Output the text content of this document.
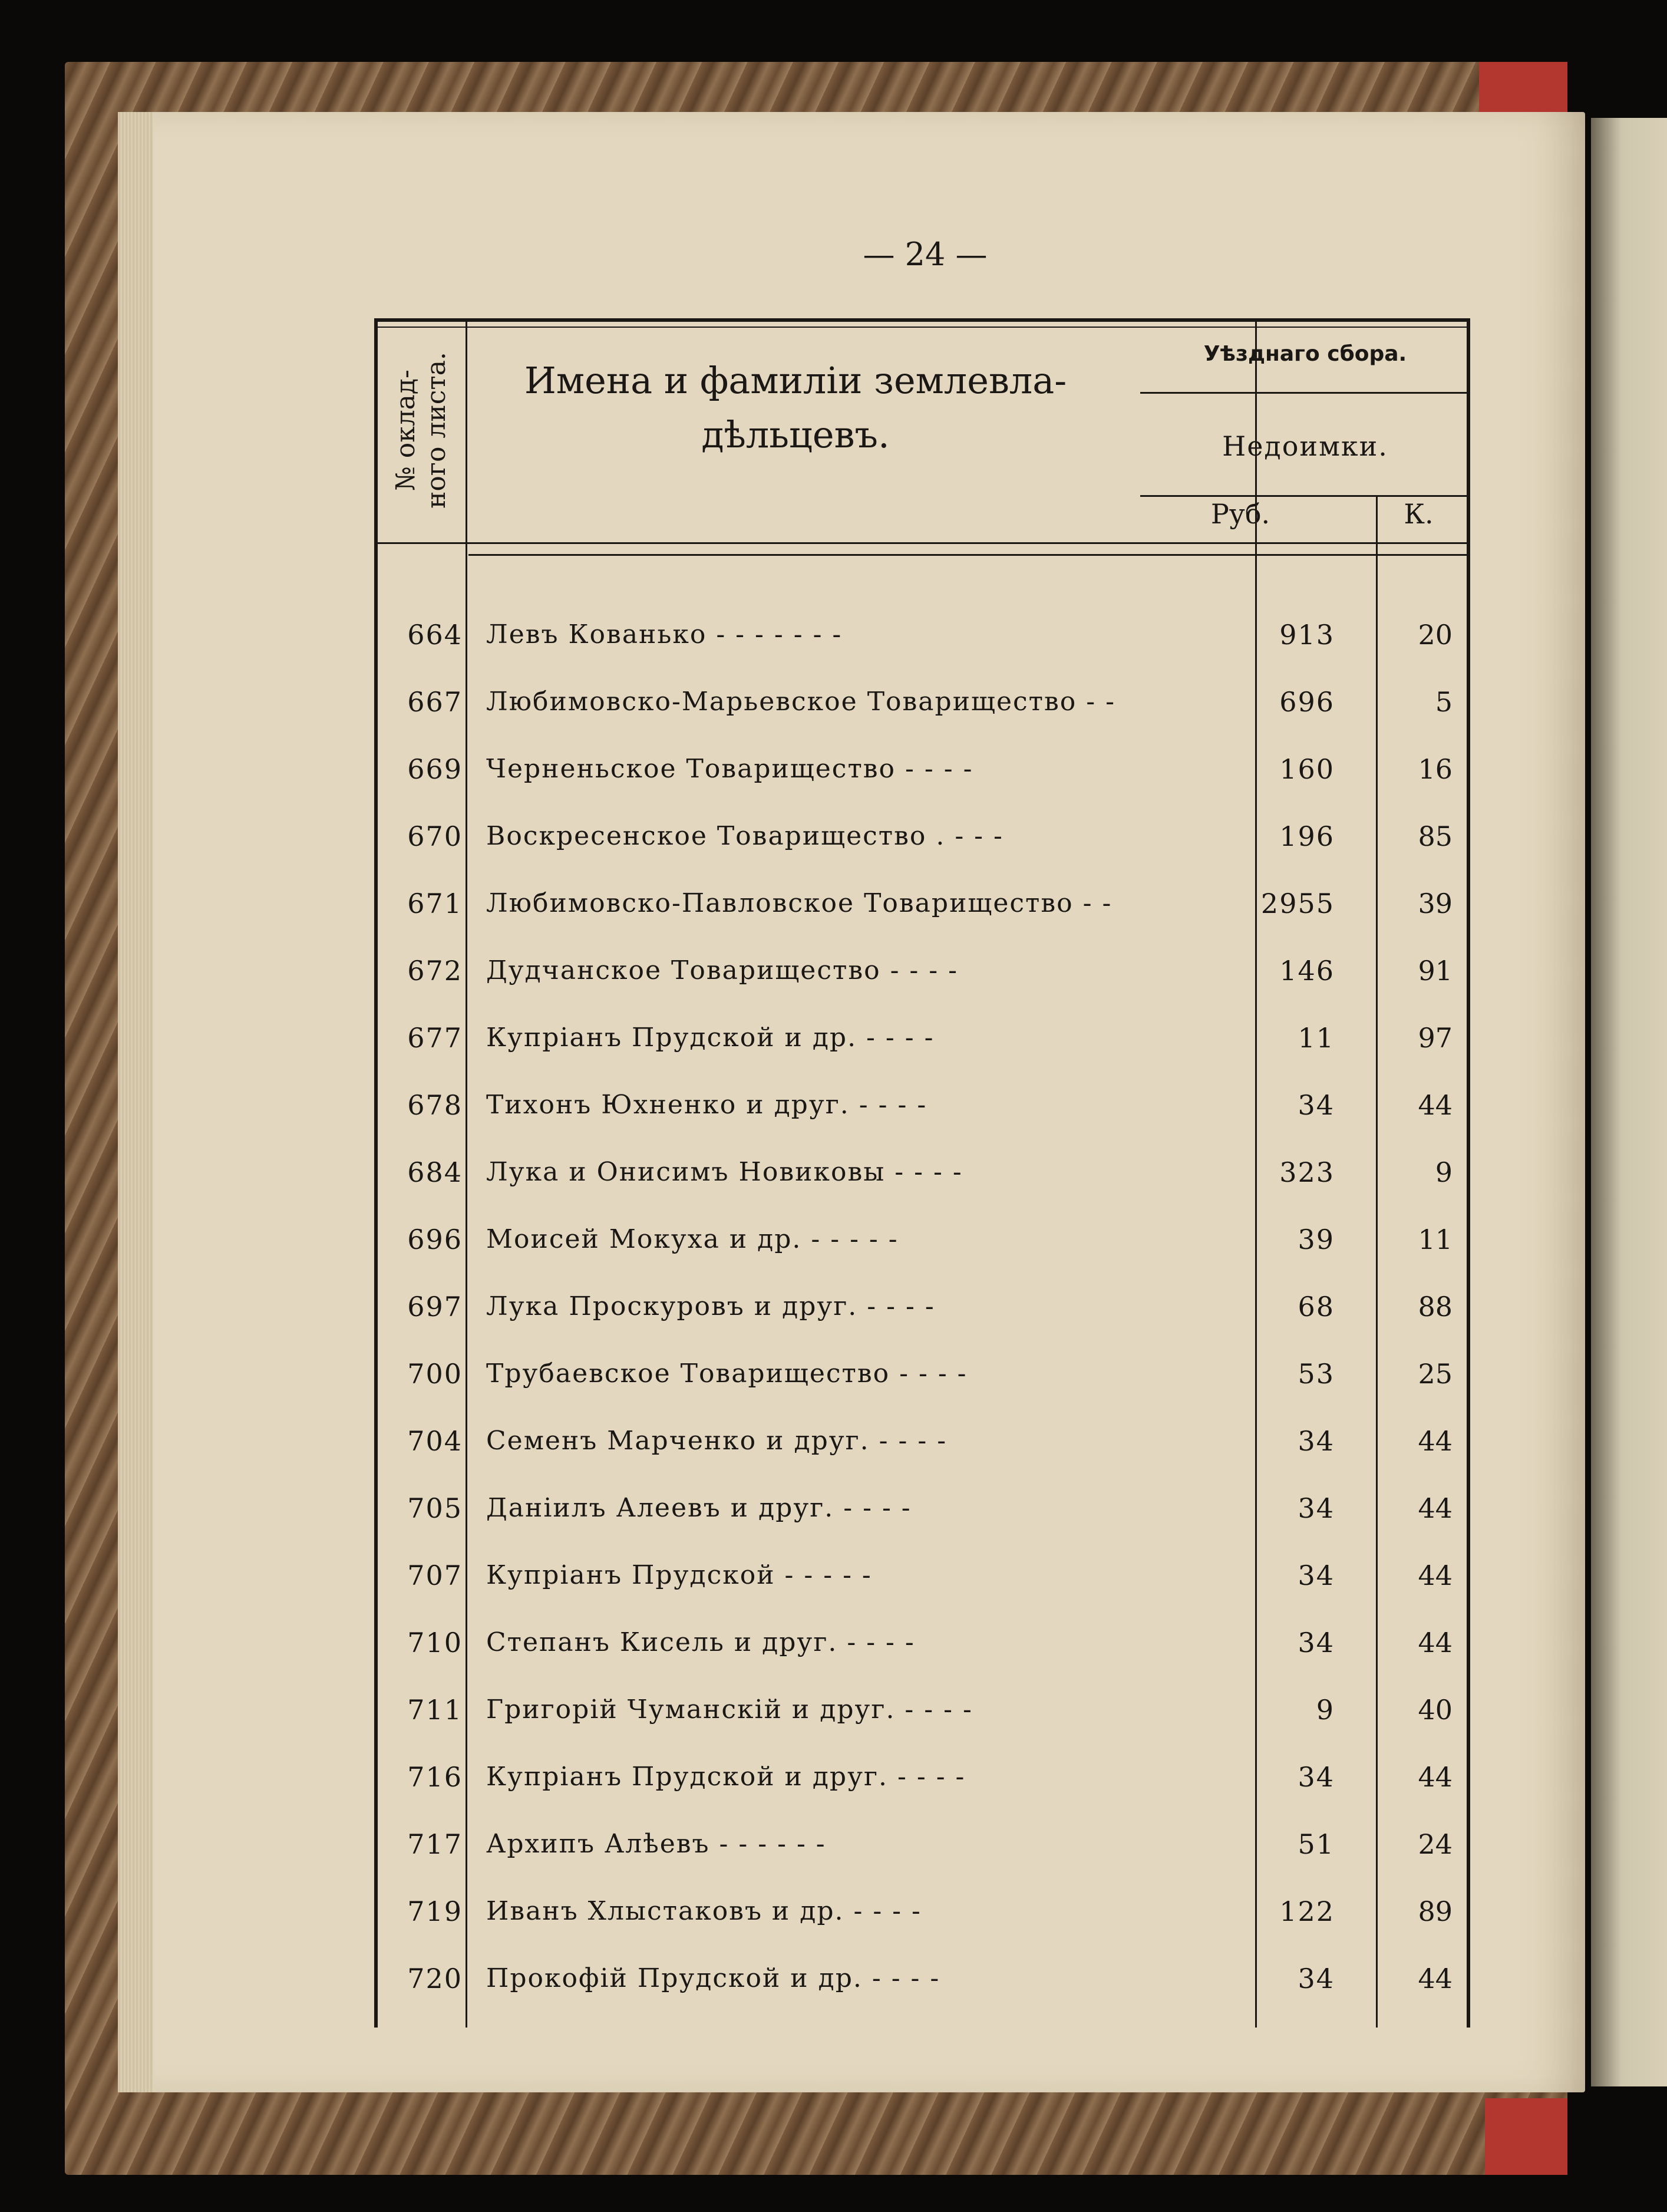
— 24 —
№ оклад-
ного листа.	Имена и фамиліи землевла-
дѣльцевъ.
Уѣзднаго сбора.
Недоимки.
Руб.	К.
664 Левъ Кованько - - - - - - -	913	20
667 Любимовско-Марьевское Товарищество - -	696	5
669 Черненьское Товарищество - - - -	160	16
670 Воскресенское Товарищество . - - -	196	85
671 Любимовско-Павловское Товарищество - -	2955	39
672 Дудчанское Товарищество - - - -	146	91
677 Купріанъ Прудской и др. - - - -	11	97
678 Тихонъ Юхненко и друг. - - - -	34	44
684 Лука и Онисимъ Новиковы - - - -	323	9
696 Моисей Мокуха и др. - - - - -	39	11
697 Лука Проскуровъ и друг. - - - -	68	88
700 Трубаевское Товарищество - - - -	53	25
704 Семенъ Марченко и друг. - - - -	34	44
705 Даніилъ Алеевъ и друг. - - - -	34	44
707 Купріанъ Прудской - - - - -	34	44
710 Степанъ Кисель и друг. - - - -	34	44
711 Григорій Чуманскій и друг. - - - -	9	40
716 Купріанъ Прудской и друг. - - - -	34	44
717 Архипъ Алѣевъ - - - - - -	51	24
719 Иванъ Хлыстаковъ и др. - - - -	122	89
720 Прокофій Прудской и др. - - - -	34	44
